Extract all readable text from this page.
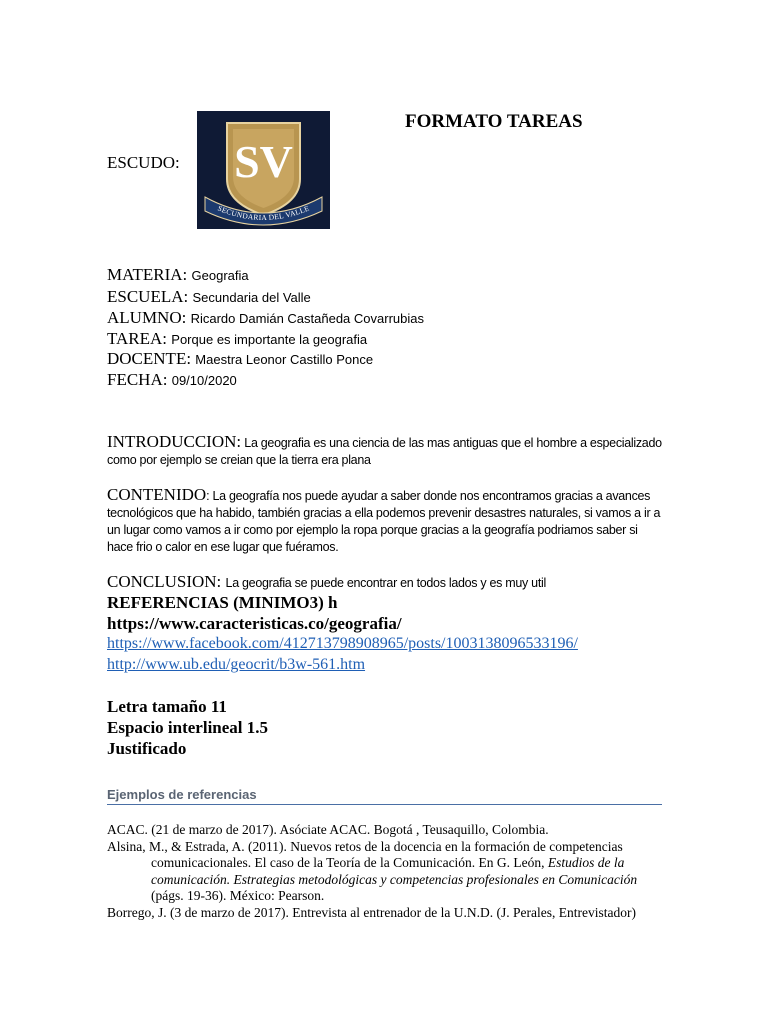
FORMATO TAREAS
ESCUDO: SV
SECUNDARIA DEL VALLE
MATERIA: Geografia
ESCUELA: Secundaria del Valle
ALUMNO: Ricardo Damián Castañeda Covarrubias
TAREA: Porque es importante la geografia
DOCENTE: Maestra Leonor Castillo Ponce
FECHA: 09/10/2020
INTRODUCCION: La geografia es una ciencia de las mas antiguas que el hombre a especializado como por ejemplo se creian que la tierra era plana
CONTENIDO: La geografía nos puede ayudar a saber donde nos encontramos gracias a avances tecnológicos que ha habido, también gracias a ella podemos prevenir desastres naturales, si vamos a ir a un lugar como vamos a ir como por ejemplo la ropa porque gracias a la geografía podriamos saber si hace frio o calor en ese lugar que fuéramos.
CONCLUSION: La geografia se puede encontrar en todos lados y es muy util
REFERENCIAS (MINIMO3) h
https://www.caracteristicas.co/geografia/
https://www.facebook.com/412713798908965/posts/1003138096533196/
http://www.ub.edu/geocrit/b3w-561.htm
Letra tamaño 11
Espacio interlineal 1.5
Justificado
Ejemplos de referencias

ACAC. (21 de marzo de 2017). Asóciate ACAC. Bogotá , Teusaquillo, Colombia.

Alsina, M., & Estrada, A. (2011). Nuevos retos de la docencia en la formación de competencias comunicacionales. El caso de la Teoría de la Comunicación. En G. León, Estudios de la comunicación. Estrategias metodológicas y competencias profesionales en Comunicación (págs. 19-36). México: Pearson.

Borrego, J. (3 de marzo de 2017). Entrevista al entrenador de la U.N.D. (J. Perales, Entrevistador)
